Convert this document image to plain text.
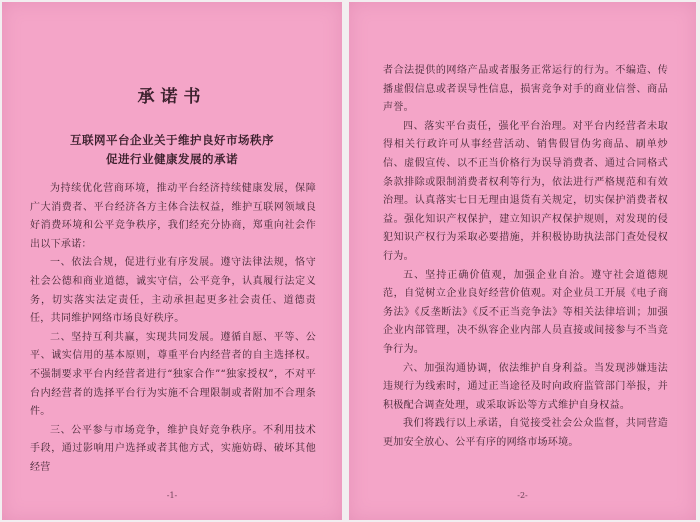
承诺书
互联网平台企业关于维护良好市场秩序
促进行业健康发展的承诺

为持续优化营商环境，推动平台经济持续健康发展，保障广大消费者、平台经济各方主体合法权益，维护互联网领域良好消费环境和公平竞争秩序，我们经充分协商，郑重向社会作出以下承诺：

一、依法合规，促进行业有序发展。遵守法律法规，恪守社会公德和商业道德，诚实守信，公平竞争，认真履行法定义务，切实落实法定责任，主动承担起更多社会责任、道德责任，共同维护网络市场良好秩序。

二、坚持互利共赢，实现共同发展。遵循自愿、平等、公平、诚实信用的基本原则，尊重平台内经营者的自主选择权。不强制要求平台内经营者进行“独家合作”“独家授权”，不对平台内经营者的选择平台行为实施不合理限制或者附加不合理条件。

三、公平参与市场竞争，维护良好竞争秩序。不利用技术手段，通过影响用户选择或者其他方式，实施妨碍、破坏其他经营

-1-

者合法提供的网络产品或者服务正常运行的行为。不编造、传播虚假信息或者误导性信息，损害竞争对手的商业信誉、商品声誉。

四、落实平台责任，强化平台治理。对平台内经营者未取得相关行政许可从事经营活动、销售假冒伪劣商品、刷单炒信、虚假宣传、以不正当价格行为误导消费者、通过合同格式条款排除或限制消费者权利等行为，依法进行严格规范和有效治理。认真落实七日无理由退货有关规定，切实保护消费者权益。强化知识产权保护，建立知识产权保护规则，对发现的侵犯知识产权行为采取必要措施，并积极协助执法部门查处侵权行为。

五、坚持正确价值观，加强企业自治。遵守社会道德规范，自觉树立企业良好经营价值观。对企业员工开展《电子商务法》《反垄断法》《反不正当竞争法》等相关法律培训；加强企业内部管理，决不纵容企业内部人员直接或间接参与不当竞争行为。

六、加强沟通协调，依法维护自身利益。当发现涉嫌违法违规行为线索时，通过正当途径及时向政府监管部门举报，并积极配合调查处理，或采取诉讼等方式维护自身权益。

我们将践行以上承诺，自觉接受社会公众监督，共同营造更加安全放心、公平有序的网络市场环境。

-2-
